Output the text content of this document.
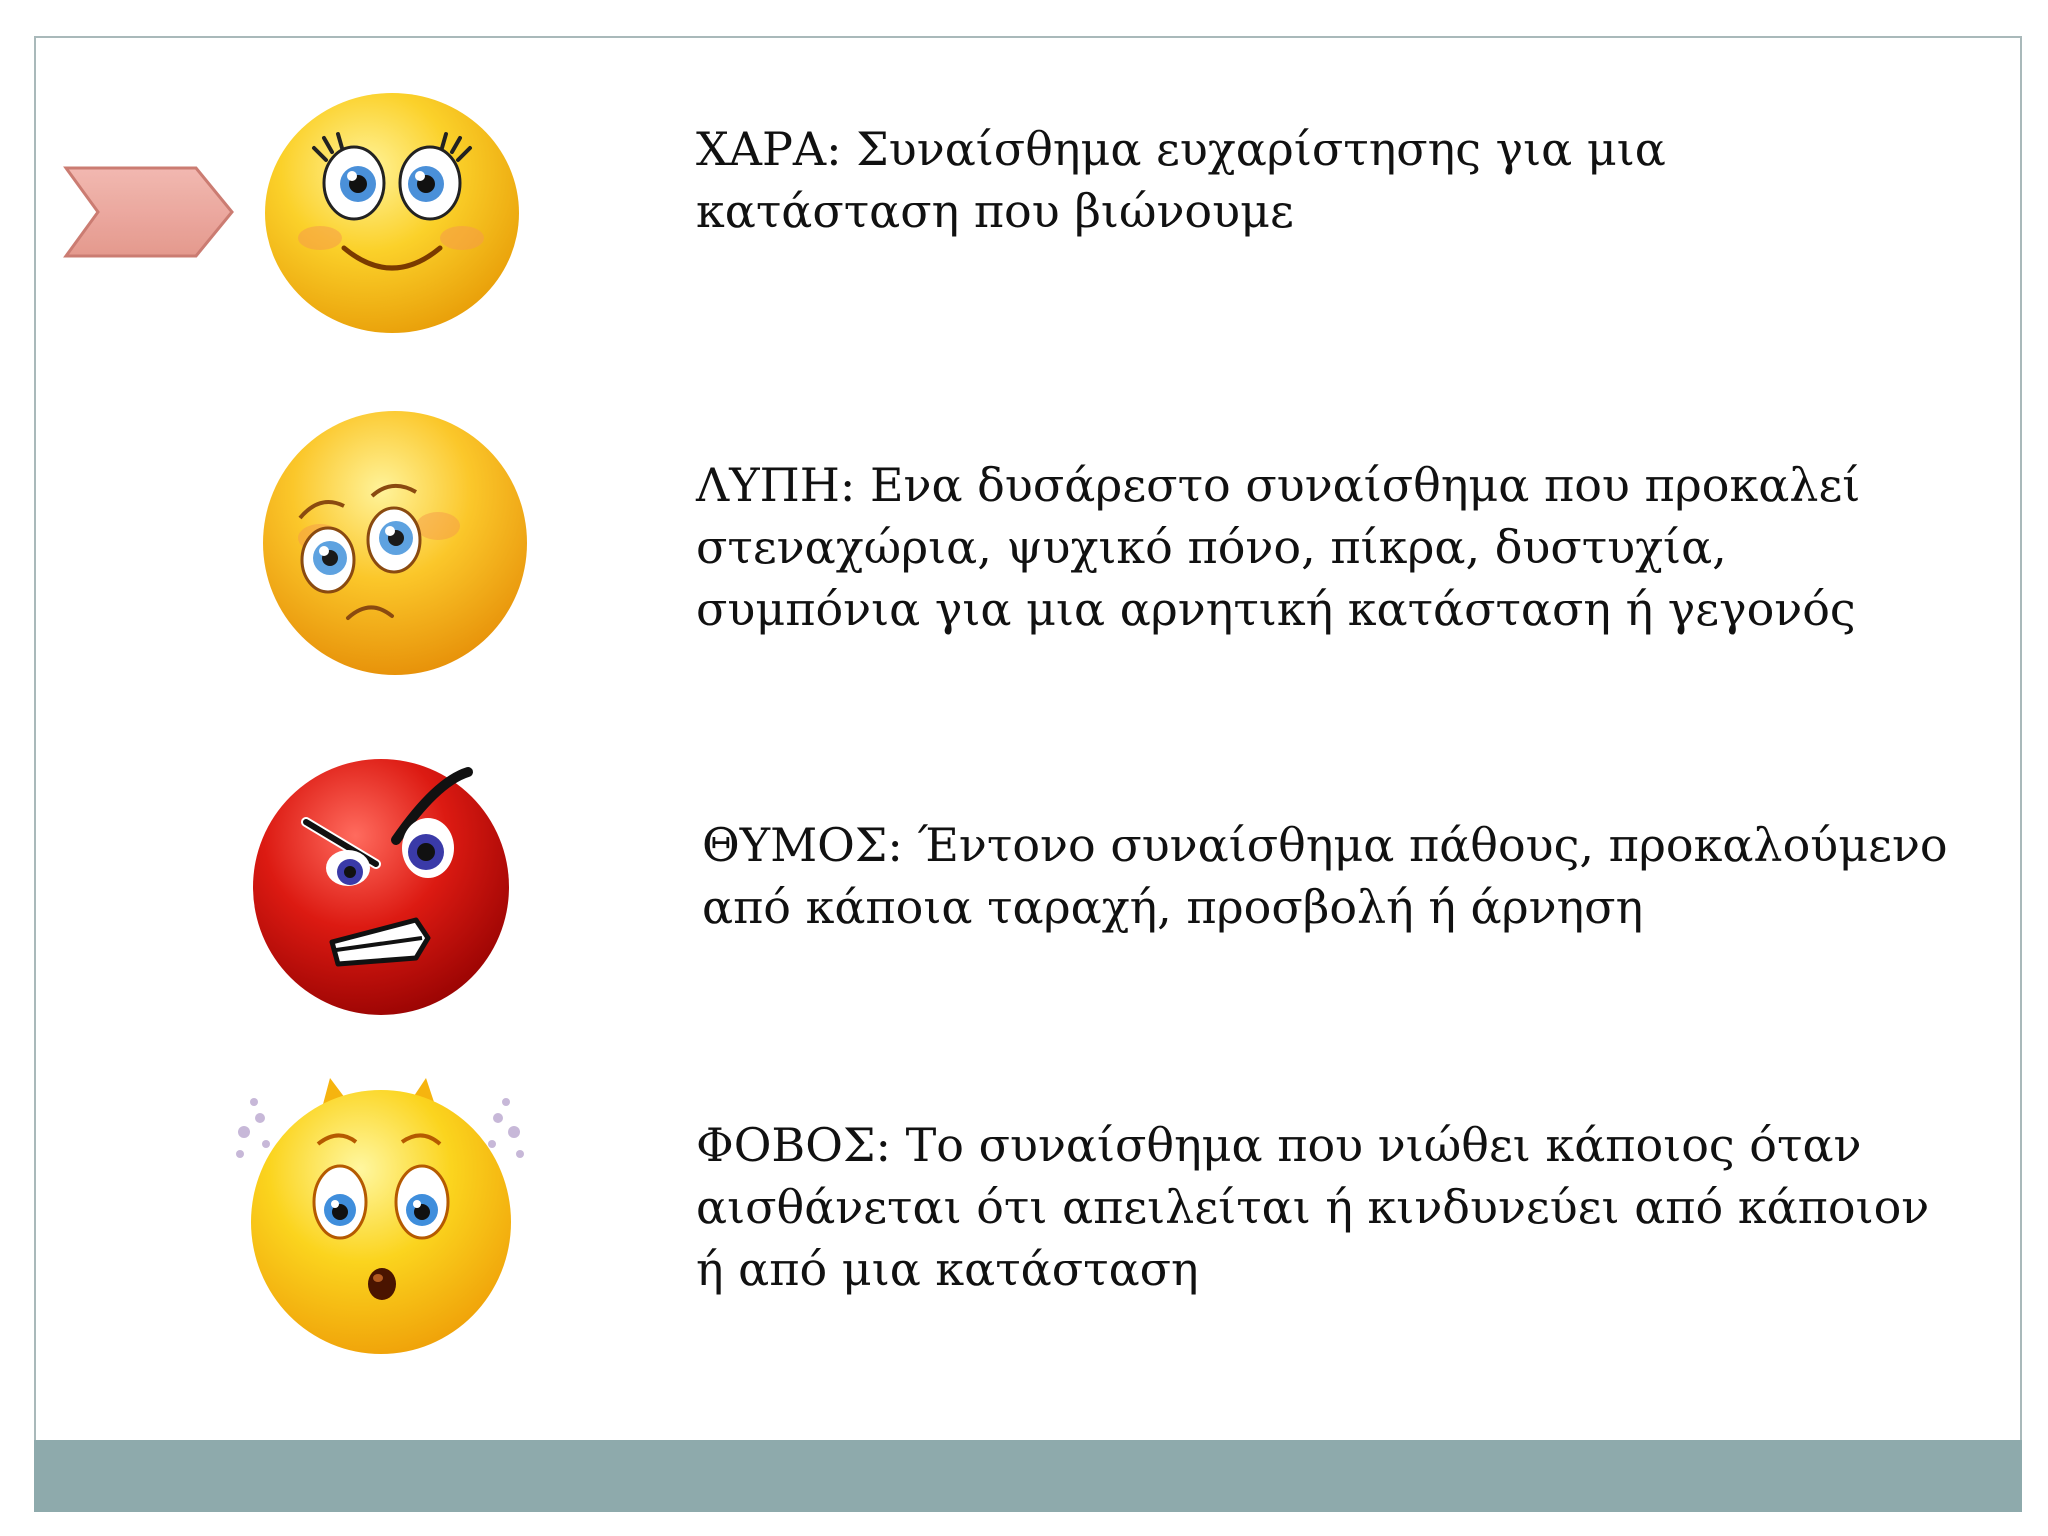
ΧΑΡΑ: Συναίσθημα ευχαρίστησης για μια
κατάσταση που βιώνουμε

ΛΥΠΗ: Ενα δυσάρεστο συναίσθημα που προκαλεί
στεναχώρια, ψυχικό πόνο, πίκρα, δυστυχία,
συμπόνια για μια αρνητική κατάσταση ή γεγονός

ΘΥΜΟΣ: Έντονο συναίσθημα πάθους, προκαλούμενο
από κάποια ταραχή, προσβολή ή άρνηση

ΦΟΒΟΣ: Το συναίσθημα που νιώθει κάποιος όταν
αισθάνεται ότι απειλείται ή κινδυνεύει από κάποιον
ή από μια κατάσταση
